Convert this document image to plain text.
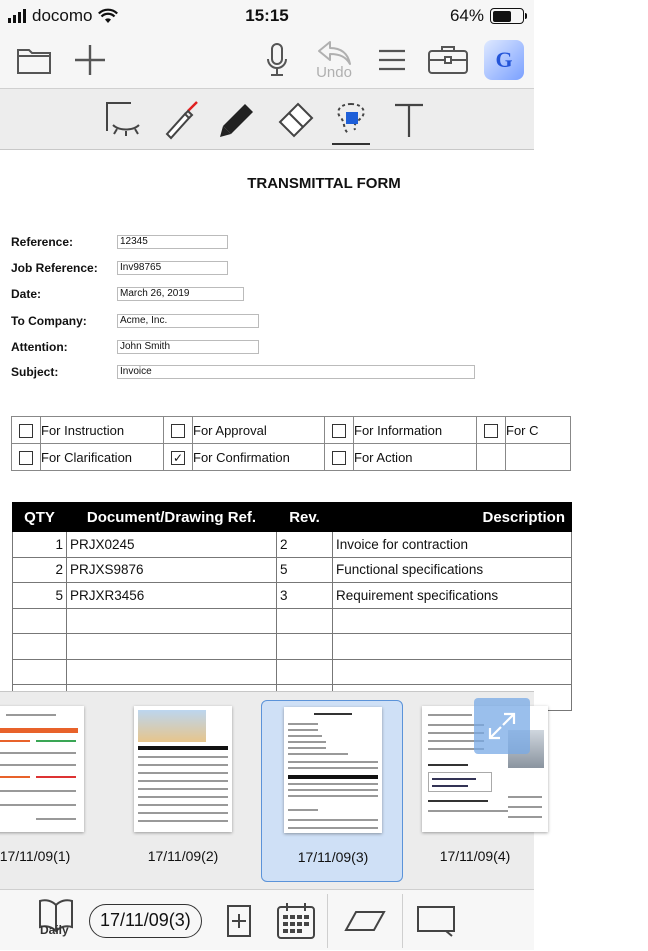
docomo	15:15	64%
Undo	G
TRANSMITTAL FORM
Reference:	12345
Job Reference:	Inv98765
Date:	March 26, 2019
To Company:	Acme, Inc.
Attention:	John Smith
Subject:	Invoice
	For Instruction		For Approval		For Information		For C
	For Clarification	✓	For Confirmation		For Action		
QTY	Document/Drawing Ref.	Rev.	Description
1	PRJX0245	2	Invoice for contraction
2	PRJXS9876	5	Functional specifications
5	PRJXR3456	3	Requirement specifications

17/11/09(1)	17/11/09(2)	17/11/09(3)	17/11/09(4)
Daily	17/11/09(3)
